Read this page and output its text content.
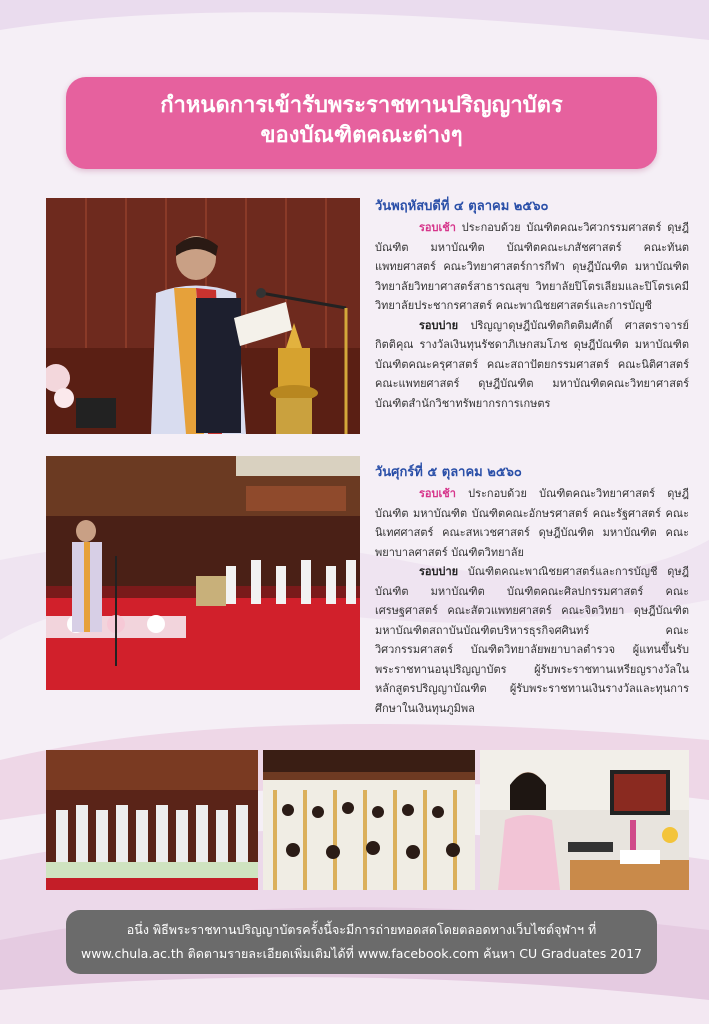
กำหนดการเข้ารับพระราชทานปริญญาบัตร
ของบัณฑิตคณะต่างๆ
วันพฤหัสบดีที่ ๔ ตุลาคม ๒๕๖๐
รอบเช้า ประกอบด้วย บัณฑิตคณะวิศวกรรมศาสตร์ ดุษฎีบัณฑิต มหาบัณฑิต บัณฑิตคณะเภสัชศาสตร์ คณะทันตแพทยศาสตร์ คณะวิทยาศาสตร์การกีฬา ดุษฎีบัณฑิต มหาบัณฑิตวิทยาลัยวิทยาศาสตร์สาธารณสุข วิทยาลัยปิโตรเลียมและปิโตรเคมี วิทยาลัยประชากรศาสตร์ คณะพาณิชยศาสตร์และการบัญชี
รอบบ่าย ปริญญาดุษฎีบัณฑิตกิตติมศักดิ์ ศาสตราจารย์กิตติคุณ รางวัลเงินทุนรัชดาภิเษกสมโภช ดุษฎีบัณฑิต มหาบัณฑิต บัณฑิตคณะครุศาสตร์ คณะสถาปัตยกรรมศาสตร์ คณะนิติศาสตร์ คณะแพทยศาสตร์ ดุษฎีบัณฑิต มหาบัณฑิตคณะวิทยาศาสตร์ บัณฑิตสำนักวิชาทรัพยากรการเกษตร
วันศุกร์ที่ ๕ ตุลาคม ๒๕๖๐
รอบเช้า ประกอบด้วย บัณฑิตคณะวิทยาศาสตร์ ดุษฎีบัณฑิต มหาบัณฑิต บัณฑิตคณะอักษรศาสตร์ คณะรัฐศาสตร์ คณะนิเทศศาสตร์ คณะสหเวชศาสตร์ ดุษฎีบัณฑิต มหาบัณฑิต คณะพยาบาลศาสตร์ บัณฑิตวิทยาลัย
รอบบ่าย บัณฑิตคณะพาณิชยศาสตร์และการบัญชี ดุษฎีบัณฑิต มหาบัณฑิต บัณฑิตคณะศิลปกรรมศาสตร์ คณะเศรษฐศาสตร์ คณะสัตวแพทยศาสตร์ คณะจิตวิทยา ดุษฎีบัณฑิต มหาบัณฑิตสถาบันบัณฑิตบริหารธุรกิจศศินทร์ คณะวิศวกรรมศาสตร์ บัณฑิตวิทยาลัยพยาบาลตำรวจ ผู้แทนขึ้นรับพระราชทานอนุปริญญาบัตร ผู้รับพระราชทานเหรียญรางวัลในหลักสูตรปริญญาบัณฑิต ผู้รับพระราชทานเงินรางวัลและทุนการศึกษาในเงินทุนภูมิพล
อนึ่ง พิธีพระราชทานปริญญาบัตรครั้งนี้จะมีการถ่ายทอดสดโดยตลอดทางเว็บไซต์จุฬาฯ ที่
www.chula.ac.th ติดตามรายละเอียดเพิ่มเติมได้ที่ www.facebook.com ค้นหา CU Graduates 2017
